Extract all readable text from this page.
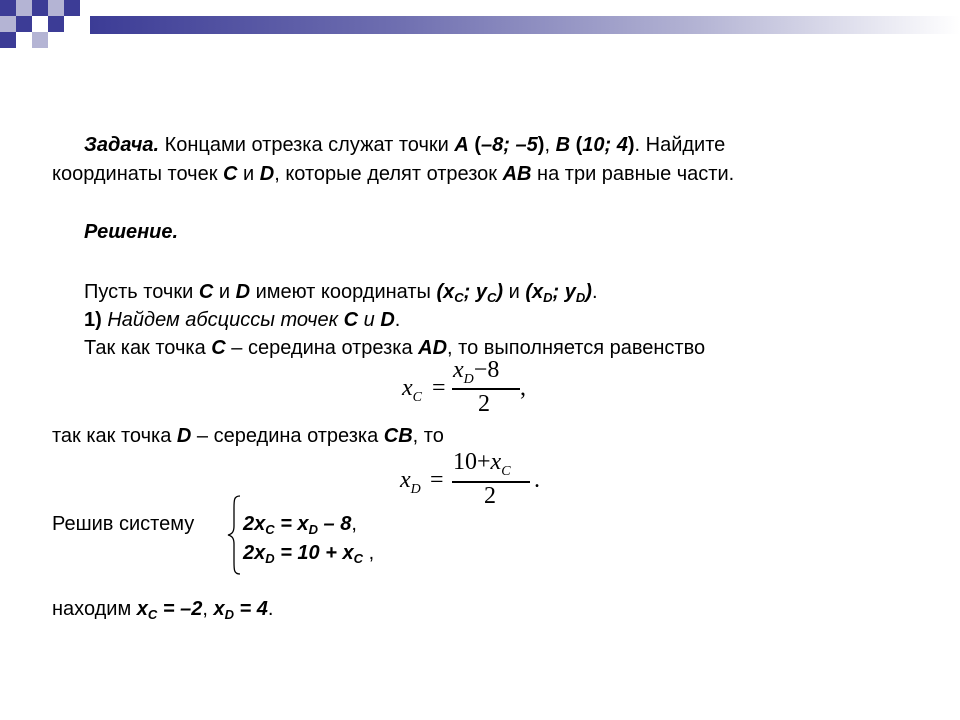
Задача. Концами отрезка служат точки A (–8; –5), B (10; 4). Найдите
координаты точек C и D, которые делят отрезок AB на три равные части.
Решение.
Пусть точки C и D имеют координаты ($x_C$; $y_C$) и ($x_D$; $y_D$).
1) Найдем абсциссы точек C и D.
Так как точка C – середина отрезка AD, то выполняется равенство
$x_C$ =
$x_D-8$
2
,
так как точка D – середина отрезка CB, то
$x_D$ =
$10+x_C$
2
.
Решив систему $2x_C = x_D - 8$,
$2x_D = 10 + x_C$ ,
находим $x_C = -2$, $x_D = 4$.
